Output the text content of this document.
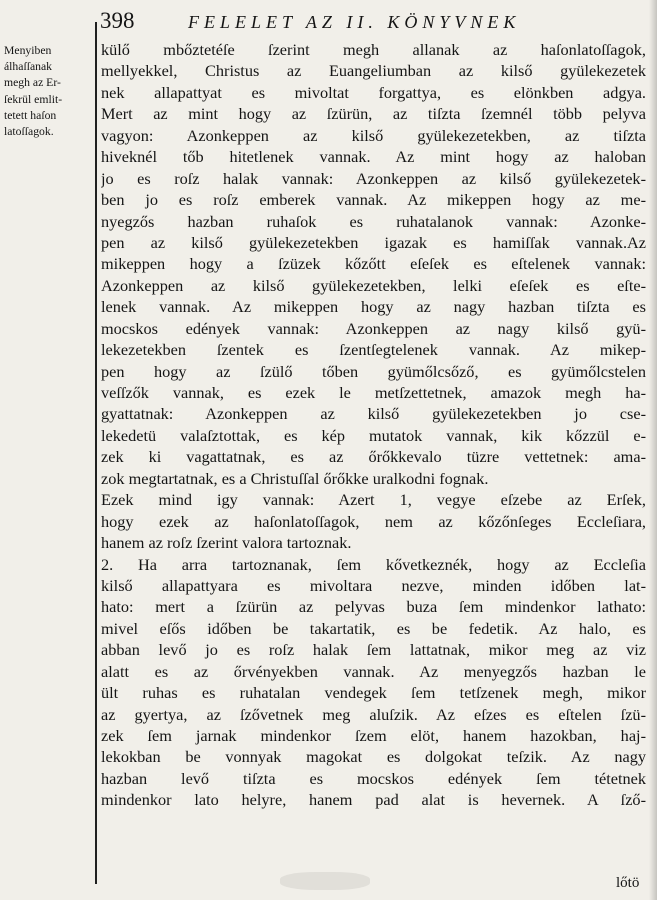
398	FELELET AZ II. KÖNYVNEK
Menyiben
álhaſſanak
megh az Er-
ſekrül emlit-
tetett haſon
latoſſagok.
külő mbőztetéſe ſzerint megh allanak az haſonlatoſſagok,
mellyekkel, Christus az Euangeliumban az kilső gyülekezetek
nek allapattyat es mivoltat forgattya, es elönkben adgya.
Mert az mint hogy az ſzürün, az tiſzta ſzemnél több pelyva
vagyon: Azonkeppen az kilső gyülekezetekben, az tiſzta
hiveknél tőb hitetlenek vannak. Az mint hogy az haloban
jo es roſz halak vannak: Azonkeppen az kilső gyülekezetek-
ben jo es roſz emberek vannak. Az mikeppen hogy az me-
nyegzős hazban ruhaſok es ruhatalanok vannak: Azonke-
pen az kilső gyülekezetekben igazak es hamiſſak vannak.Az
mikeppen hogy a ſzüzek kőzőtt eſeſek es eſtelenek vannak:
Azonkeppen az kilső gyülekezetekben, lelki eſeſek es eſte-
lenek vannak. Az mikeppen hogy az nagy hazban tiſzta es
mocskos edények vannak: Azonkeppen az nagy kilső gyü-
lekezetekben ſzentek es ſzentſegtelenek vannak. Az mikep-
pen hogy az ſzülő tőben gyümőlcsőző, es gyümőlcstelen
veſſzők vannak, es ezek le metſzettetnek, amazok megh ha-
gyattatnak: Azonkeppen az kilső gyülekezetekben jo cse-
lekedetü valaſztottak, es kép mutatok vannak, kik kőzzül e-
zek ki vagattatnak, es az őrőkkevalo tüzre vettetnek: ama-
zok megtartatnak, es a Christuſſal őrőkke uralkodni fognak.
Ezek mind igy vannak: Azert 1, vegye eſzebe az Erſek,
hogy ezek az haſonlatoſſagok, nem az kőzőnſeges Eccleſiara,
hanem az roſz ſzerint valora tartoznak.
2. Ha arra tartoznanak, ſem kővetkeznék, hogy az Eccleſia
kilső allapattyara es mivoltara nezve, minden időben lat-
hato: mert a ſzürün az pelyvas buza ſem mindenkor lathato:
mivel eſős időben be takartatik, es be fedetik. Az halo, es
abban levő jo es roſz halak ſem lattatnak, mikor meg az viz
alatt es az őrvényekben vannak. Az menyegzős hazban le
ült ruhas es ruhatalan vendegek ſem tetſzenek megh, mikor
az gyertya, az ſzővetnek meg aluſzik. Az eſzes es eſtelen ſzü-
zek ſem jarnak mindenkor ſzem elöt, hanem hazokban, haj-
lekokban be vonnyak magokat es dolgokat teſzik. Az nagy
hazban levő tiſzta es mocskos edények ſem tétetnek
mindenkor lato helyre, hanem pad alat is hevernek. A ſző-
lőtö
